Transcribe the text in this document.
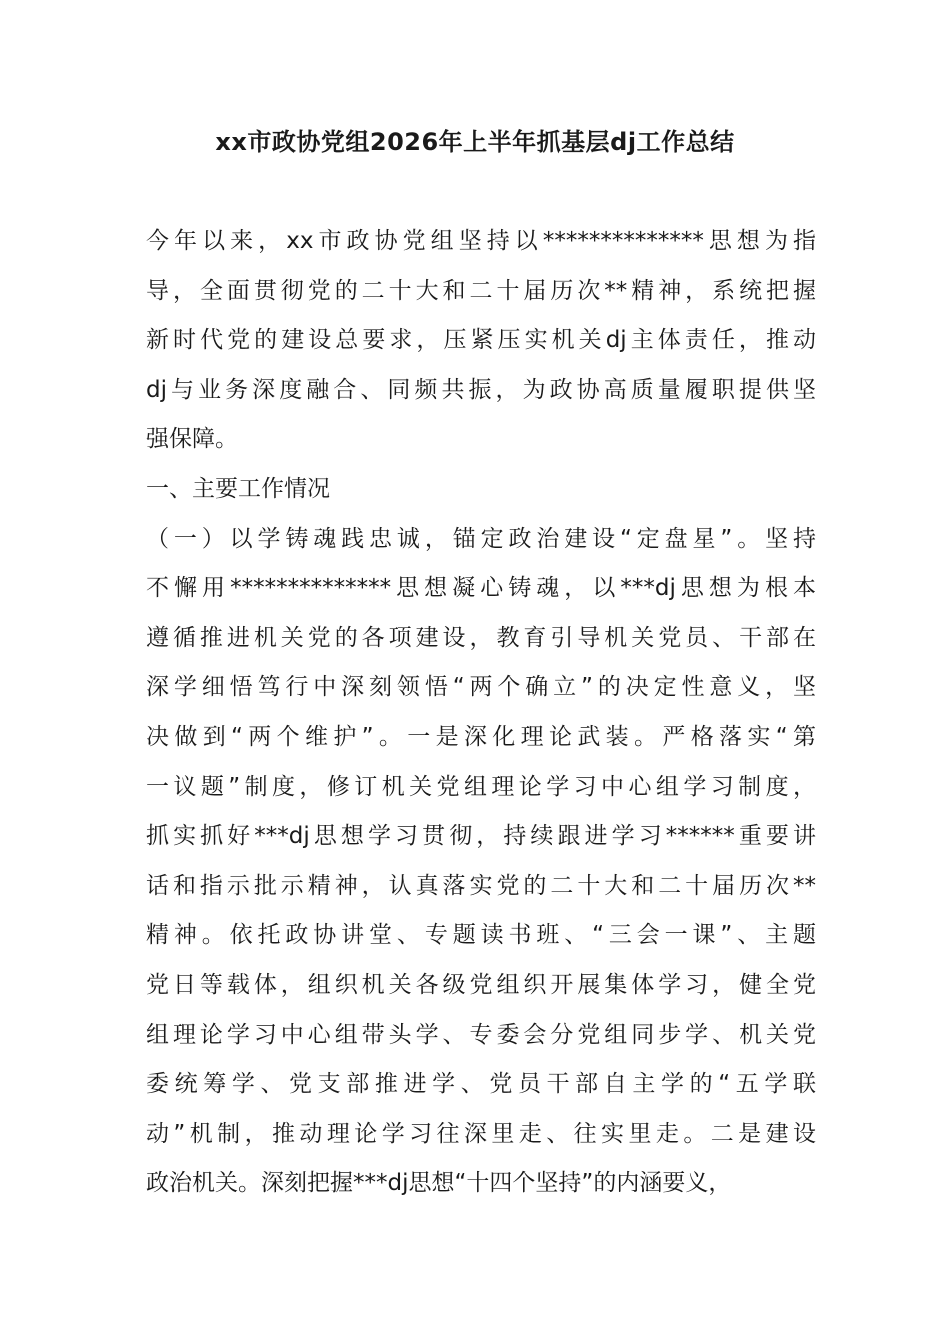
xx市政协党组2026年上半年抓基层dj工作总结
今年以来，xx市政协党组坚持以**************思想为指
导，全面贯彻党的二十大和二十届历次**精神，系统把握
新时代党的建设总要求，压紧压实机关dj主体责任，推动
dj与业务深度融合、同频共振，为政协高质量履职提供坚
强保障。
一、主要工作情况
（一）以学铸魂践忠诚，锚定政治建设“定盘星”。坚持
不懈用**************思想凝心铸魂，以***dj思想为根本
遵循推进机关党的各项建设，教育引导机关党员、干部在
深学细悟笃行中深刻领悟“两个确立”的决定性意义，坚
决做到“两个维护”。一是深化理论武装。严格落实“第
一议题”制度，修订机关党组理论学习中心组学习制度，
抓实抓好***dj思想学习贯彻，持续跟进学习******重要讲
话和指示批示精神，认真落实党的二十大和二十届历次**
精神。依托政协讲堂、专题读书班、“三会一课”、主题
党日等载体，组织机关各级党组织开展集体学习，健全党
组理论学习中心组带头学、专委会分党组同步学、机关党
委统筹学、党支部推进学、党员干部自主学的“五学联
动”机制，推动理论学习往深里走、往实里走。二是建设
政治机关。深刻把握***dj思想“十四个坚持”的内涵要义，
